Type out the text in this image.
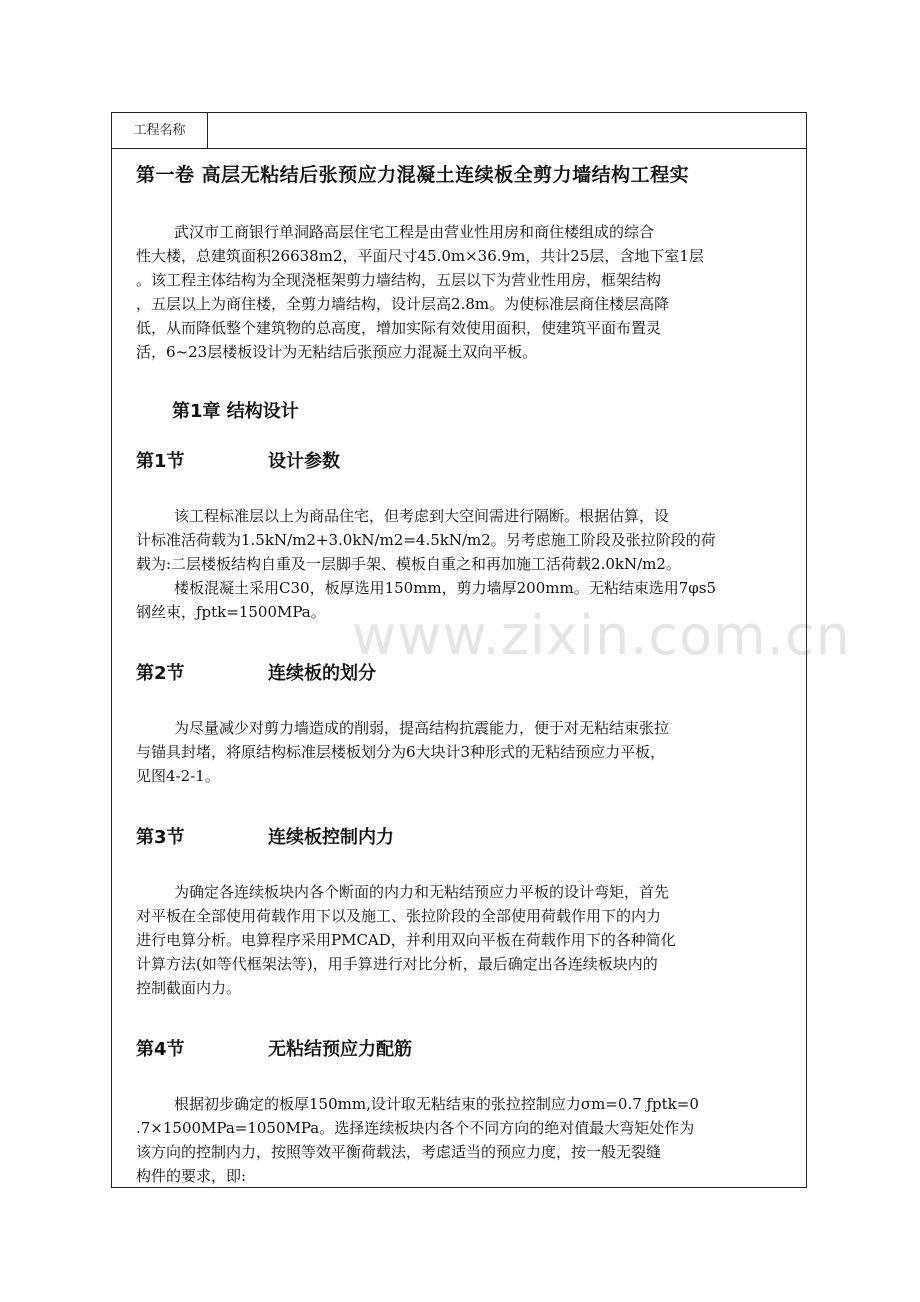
工程名称
第一卷 高层无粘结后张预应力混凝土连续板全剪力墙结构工程实
武汉市工商银行单洞路高层住宅工程是由营业性用房和商住楼组成的综合
性大楼，总建筑面积26638m2，平面尺寸45.0m×36.9m，共计25层，含地下室1层
。该工程主体结构为全现浇框架剪力墙结构，五层以下为营业性用房，框架结构
，五层以上为商住楼，全剪力墙结构，设计层高2.8m。为使标准层商住楼层高降
低，从而降低整个建筑物的总高度，增加实际有效使用面积，使建筑平面布置灵
活，6~23层楼板设计为无粘结后张预应力混凝土双向平板。
第1章 结构设计
第1节	设计参数
该工程标准层以上为商品住宅，但考虑到大空间需进行隔断。根据估算，设
计标准活荷载为1.5kN/m2+3.0kN/m2=4.5kN/m2。另考虑施工阶段及张拉阶段的荷
载为:二层楼板结构自重及一层脚手架、模板自重之和再加施工活荷载2.0kN/m2。
楼板混凝土采用C30，板厚选用150mm，剪力墙厚200mm。无粘结束选用7φs5
钢丝束，ƒptk=1500MPa。 www.zixin.com.cn
第2节	连续板的划分
为尽量减少对剪力墙造成的削弱，提高结构抗震能力，便于对无粘结束张拉
与锚具封堵，将原结构标准层楼板划分为6大块计3种形式的无粘结预应力平板，
见图4-2-1。
第3节	连续板控制内力
为确定各连续板块内各个断面的内力和无粘结预应力平板的设计弯矩，首先
对平板在全部使用荷载作用下以及施工、张拉阶段的全部使用荷载作用下的内力
进行电算分析。电算程序采用PMCAD，并利用双向平板在荷载作用下的各种简化
计算方法(如等代框架法等)，用手算进行对比分析，最后确定出各连续板块内的
控制截面内力。
第4节	无粘结预应力配筋
根据初步确定的板厚150mm,设计取无粘结束的张拉控制应力σm=0.7 ƒptk=0
.7×1500MPa=1050MPa。选择连续板块内各个不同方向的绝对值最大弯矩处作为
该方向的控制内力，按照等效平衡荷载法，考虑适当的预应力度，按一般无裂缝
构件的要求，即:
